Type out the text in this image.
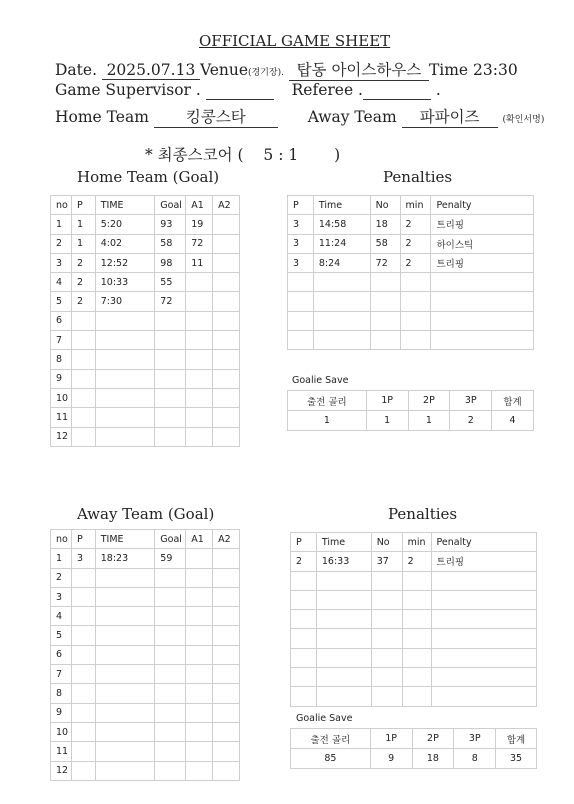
OFFICIAL GAME SHEET
Date. 2025.07.13 Venue(경기장). 탑동 아이스하우스 Time 23:30
Game Supervisor .	Referee .	.
Home Team 킹콩스타	Away Team 파파이즈	(확인서명)
* 최종스코어 ( 5 : 1 )
Home Team (Goal)	Penalties
no	P	TIME	Goal	A1	A2
1	1	5:20	93	19	
2	1	4:02	58	72	
3	2	12:52	98	11	
4	2	10:33	55		
5	2	7:30	72		
6					
7					
8					
9					
10					
11					
12					
P	Time	No	min	Penalty
3	14:58	18	2	트리핑
3	11:24	58	2	하이스틱
3	8:24	72	2	트리핑

Goalie Save
출전 골리	1P	2P	3P	합계
1	1	1	2	4
Away Team (Goal)	Penalties
no	P	TIME	Goal	A1	A2
1	3	18:23	59		
2					
3					
4					
5					
6					
7					
8					
9					
10					
11					
12					
P	Time	No	min	Penalty
2	16:33	37	2	트리핑

Goalie Save
출전 골리	1P	2P	3P	합계
85	9	18	8	35
